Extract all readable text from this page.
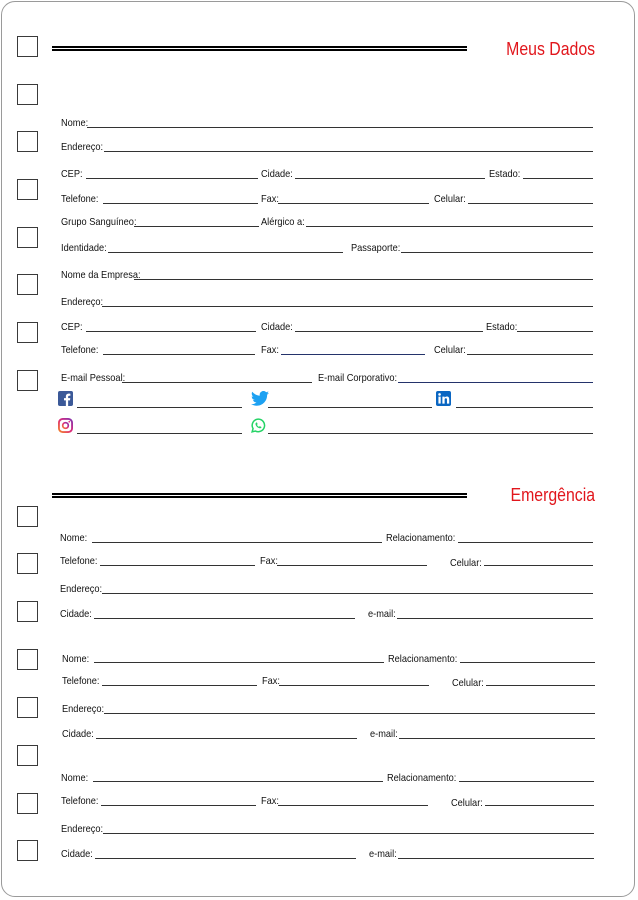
Meus Dados
Nome:
Endereço:
CEP:	Cidade:	Estado:
Telefone:	Fax:	Celular:
Grupo Sanguíneo:	Alérgico a:
Identidade:	Passaporte:
Nome da Empresa:
Endereço:
CEP:	Cidade:	Estado:
Telefone:	Fax:	Celular:
E-mail Pessoal:	E-mail Corporativo:
Emergência
Nome:	Relacionamento:
Telefone:	Fax:	Celular:
Endereço:
Cidade:	e-mail:
Nome:	Relacionamento:
Telefone:	Fax:	Celular:
Endereço:
Cidade:	e-mail:
Nome:	Relacionamento:
Telefone:	Fax:	Celular:
Endereço:
Cidade:	e-mail:
